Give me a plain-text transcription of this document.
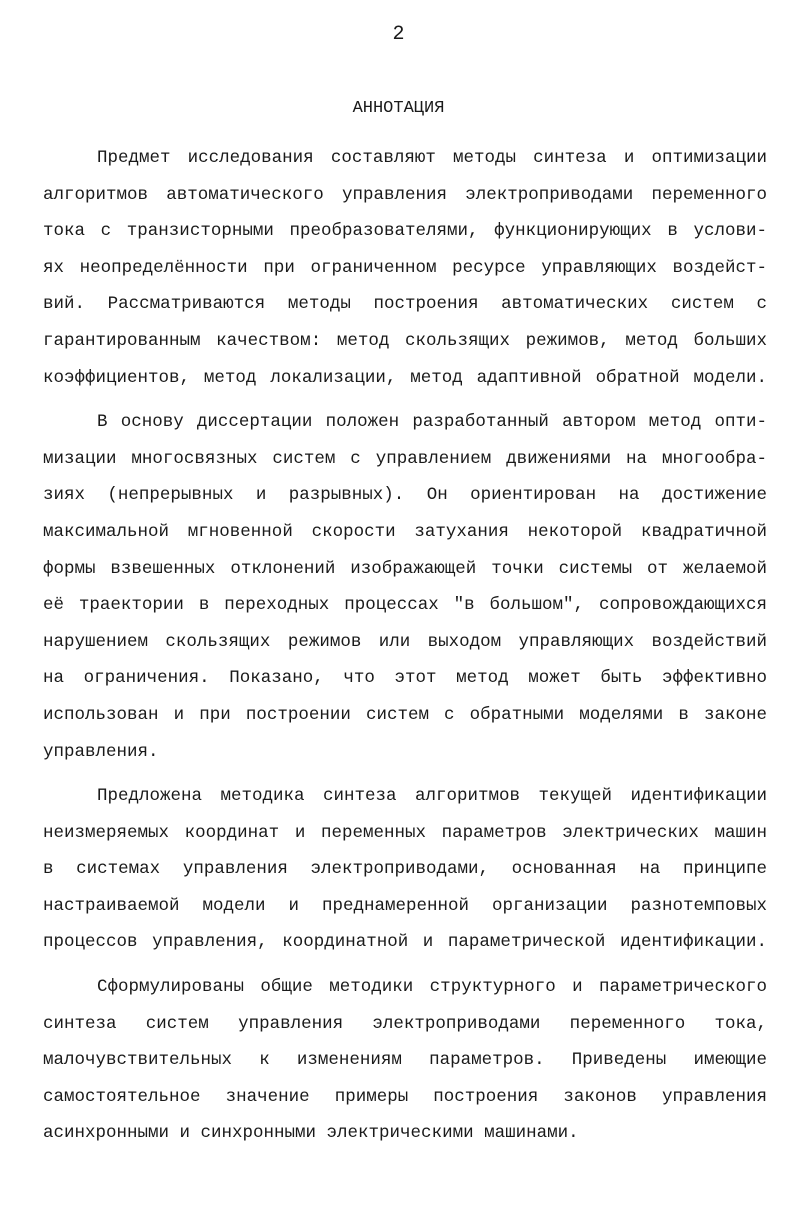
2
АННОТАЦИЯ
Предмет исследования составляют методы синтеза и оптимизации
алгоритмов автоматического управления электроприводами переменного
тока с транзисторными преобразователями, функционирующих в услови-
ях неопределённости при ограниченном ресурсе управляющих воздейст-
вий. Рассматриваются методы построения автоматических систем с
гарантированным качеством: метод скользящих режимов, метод больших
коэффициентов, метод локализации, метод адаптивной обратной модели.
В основу диссертации положен разработанный автором метод опти-
мизации многосвязных систем с управлением движениями на многообра-
зиях (непрерывных и разрывных). Он ориентирован на достижение
максимальной мгновенной скорости затухания некоторой квадратичной
формы взвешенных отклонений изображающей точки системы от желаемой
её траектории в переходных процессах "в большом", сопровождающихся
нарушением скользящих режимов или выходом управляющих воздействий
на ограничения. Показано, что этот метод может быть эффективно
использован и при построении систем с обратными моделями в законе
управления.
Предложена методика синтеза алгоритмов текущей идентификации
неизмеряемых координат и переменных параметров электрических машин
в системах управления электроприводами, основанная на принципе
настраиваемой модели и преднамеренной организации разнотемповых
процессов управления, координатной и параметрической идентификации.
Сформулированы общие методики структурного и параметрического
синтеза систем управления электроприводами переменного тока,
малочувствительных к изменениям параметров. Приведены имеющие
самостоятельное значение примеры построения законов управления
асинхронными и синхронными электрическими машинами.
